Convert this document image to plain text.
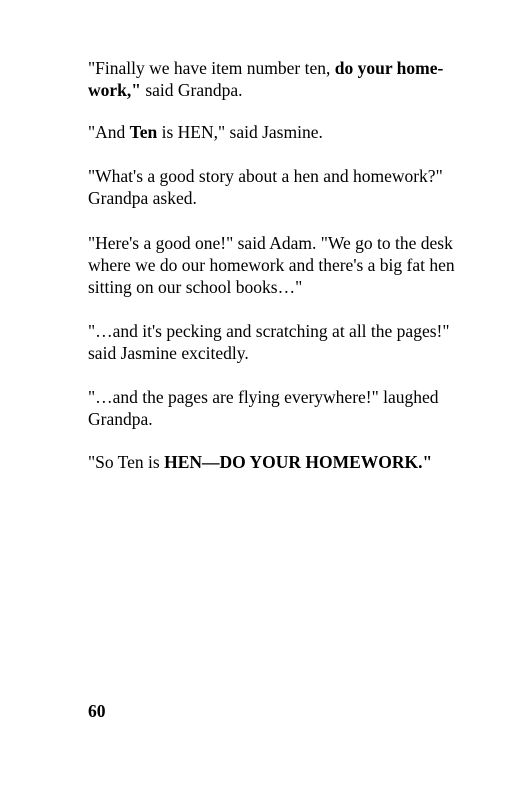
"Finally we have item number ten, do your home-
work," said Grandpa.

"And Ten is HEN," said Jasmine.

"What's a good story about a hen and homework?"
Grandpa asked.

"Here's a good one!" said Adam. "We go to the desk
where we do our homework and there's a big fat hen
sitting on our school books…"

"…and it's pecking and scratching at all the pages!"
said Jasmine excitedly.

"…and the pages are flying everywhere!" laughed
Grandpa.

"So Ten is HEN—DO YOUR HOMEWORK."

60
